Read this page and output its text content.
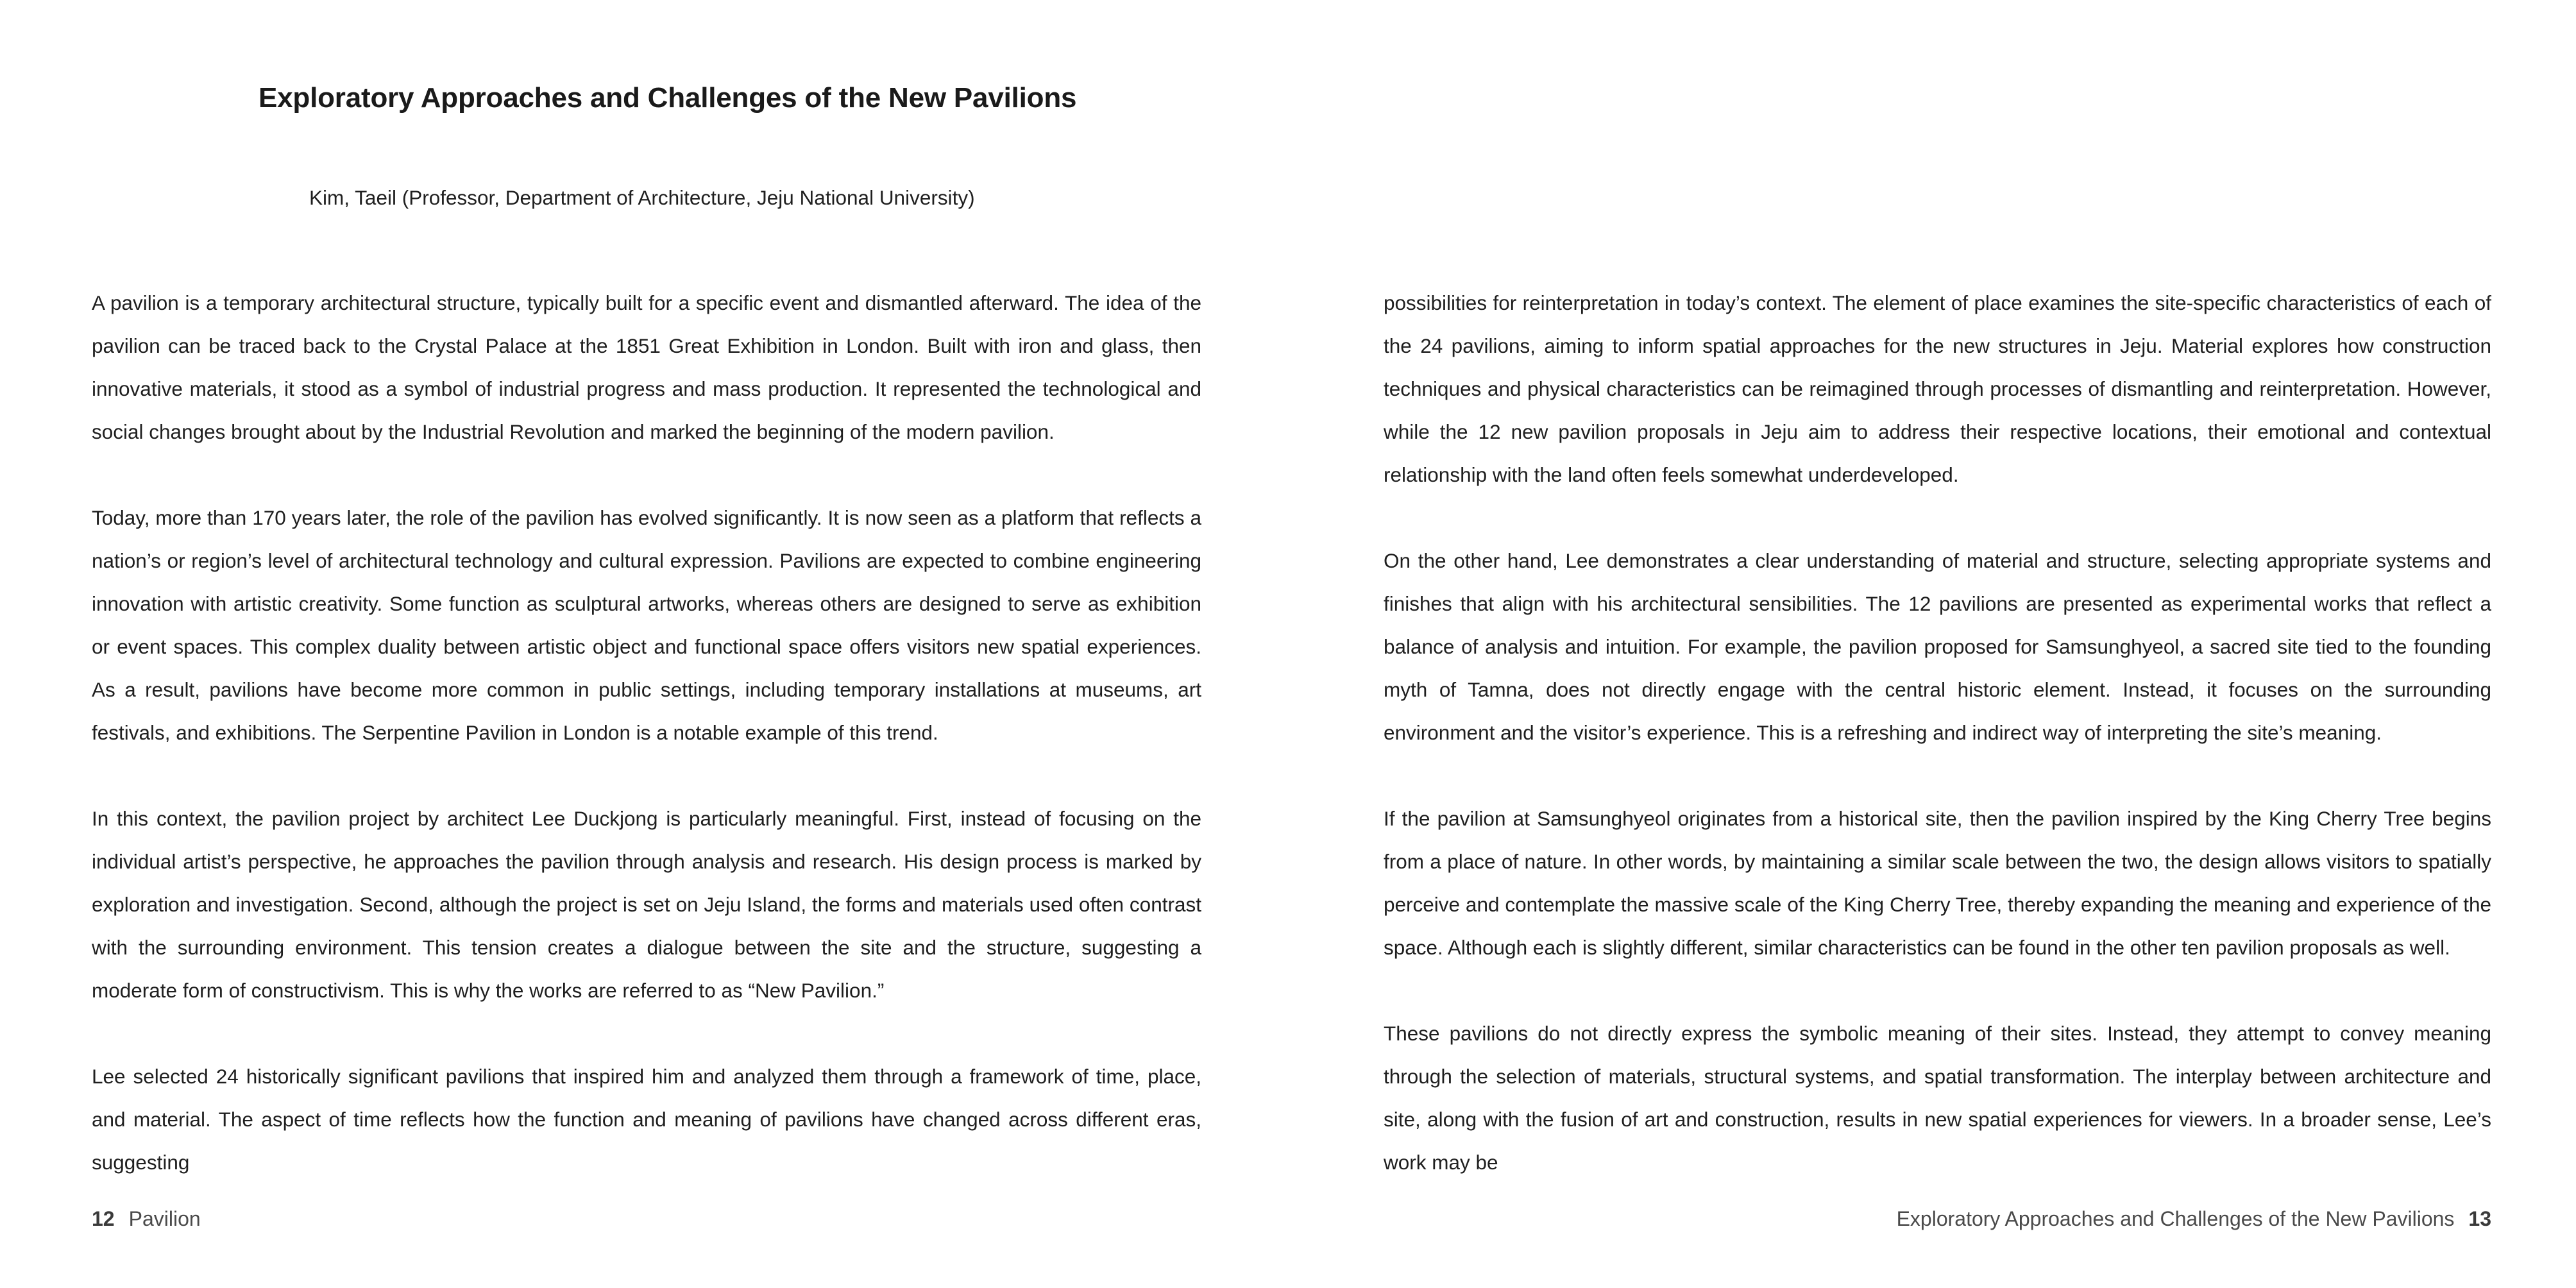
Exploratory Approaches and Challenges of the New Pavilions

Kim, Taeil (Professor, Department of Architecture, Jeju National University)

A pavilion is a temporary architectural structure, typically built for a specific event and dismantled afterward. The idea of the pavilion can be traced back to the Crystal Palace at the 1851 Great Exhibition in London. Built with iron and glass, then innovative materials, it stood as a symbol of industrial progress and mass production. It represented the technological and social changes brought about by the Industrial Revolution and marked the beginning of the modern pavilion.

Today, more than 170 years later, the role of the pavilion has evolved significantly. It is now seen as a platform that reflects a nation’s or region’s level of architectural technology and cultural expression. Pavilions are expected to combine engineering innovation with artistic creativity. Some function as sculptural artworks, whereas others are designed to serve as exhibition or event spaces. This complex duality between artistic object and functional space offers visitors new spatial experiences. As a result, pavilions have become more common in public settings, including temporary installations at museums, art festivals, and exhibitions. The Serpentine Pavilion in London is a notable example of this trend.

In this context, the pavilion project by architect Lee Duckjong is particularly meaningful. First, instead of focusing on the individual artist’s perspective, he approaches the pavilion through analysis and research. His design process is marked by exploration and investigation. Second, although the project is set on Jeju Island, the forms and materials used often contrast with the surrounding environment. This tension creates a dialogue between the site and the structure, suggesting a moderate form of constructivism. This is why the works are referred to as “New Pavilion.”

Lee selected 24 historically significant pavilions that inspired him and analyzed them through a framework of time, place, and material. The aspect of time reflects how the function and meaning of pavilions have changed across different eras, suggesting

12 Pavilion

possibilities for reinterpretation in today’s context. The element of place examines the site-specific characteristics of each of the 24 pavilions, aiming to inform spatial approaches for the new structures in Jeju. Material explores how construction techniques and physical characteristics can be reimagined through processes of dismantling and reinterpretation. However, while the 12 new pavilion proposals in Jeju aim to address their respective locations, their emotional and contextual relationship with the land often feels somewhat underdeveloped.

On the other hand, Lee demonstrates a clear understanding of material and structure, selecting appropriate systems and finishes that align with his architectural sensibilities. The 12 pavilions are presented as experimental works that reflect a balance of analysis and intuition. For example, the pavilion proposed for Samsunghyeol, a sacred site tied to the founding myth of Tamna, does not directly engage with the central historic element. Instead, it focuses on the surrounding environment and the visitor’s experience. This is a refreshing and indirect way of interpreting the site’s meaning.

If the pavilion at Samsunghyeol originates from a historical site, then the pavilion inspired by the King Cherry Tree begins from a place of nature. In other words, by maintaining a similar scale between the two, the design allows visitors to spatially perceive and contemplate the massive scale of the King Cherry Tree, thereby expanding the meaning and experience of the space. Although each is slightly different, similar characteristics can be found in the other ten pavilion proposals as well.

These pavilions do not directly express the symbolic meaning of their sites. Instead, they attempt to convey meaning through the selection of materials, structural systems, and spatial transformation. The interplay between architecture and site, along with the fusion of art and construction, results in new spatial experiences for viewers. In a broader sense, Lee’s work may be

Exploratory Approaches and Challenges of the New Pavilions 13
